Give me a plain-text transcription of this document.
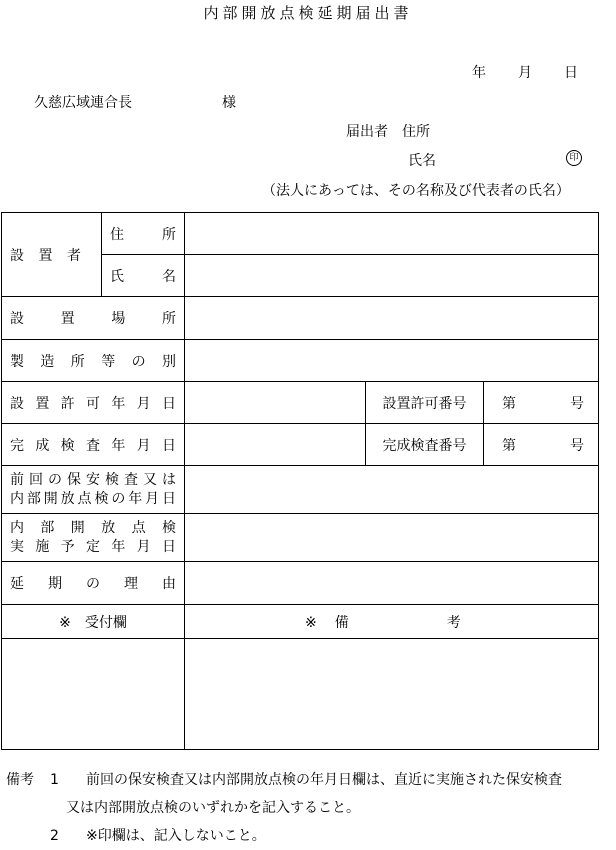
内部開放点検延期届出書
年 月 日
久慈広域連合長	様
届出者　住所
氏名	印
（法人にあっては、その名称及び代表者の氏名）
設置者	住所			
	氏名			
設置場所				
製造所等の別				
設置許可年月日			設置許可番号	第 号

完成検査年月日			完成検査番号	第 号

前回の保安検査又は
内部開放点検の年月日				

内部開放点検
実施予定年月日				

延期の理由				
※　受付欄		※ 備　　　　　　　考		

備考 1 前回の保安検査又は内部開放点検の年月日欄は、直近に実施された保安検査
又は内部開放点検のいずれかを記入すること。
2 ※印欄は、記入しないこと。
